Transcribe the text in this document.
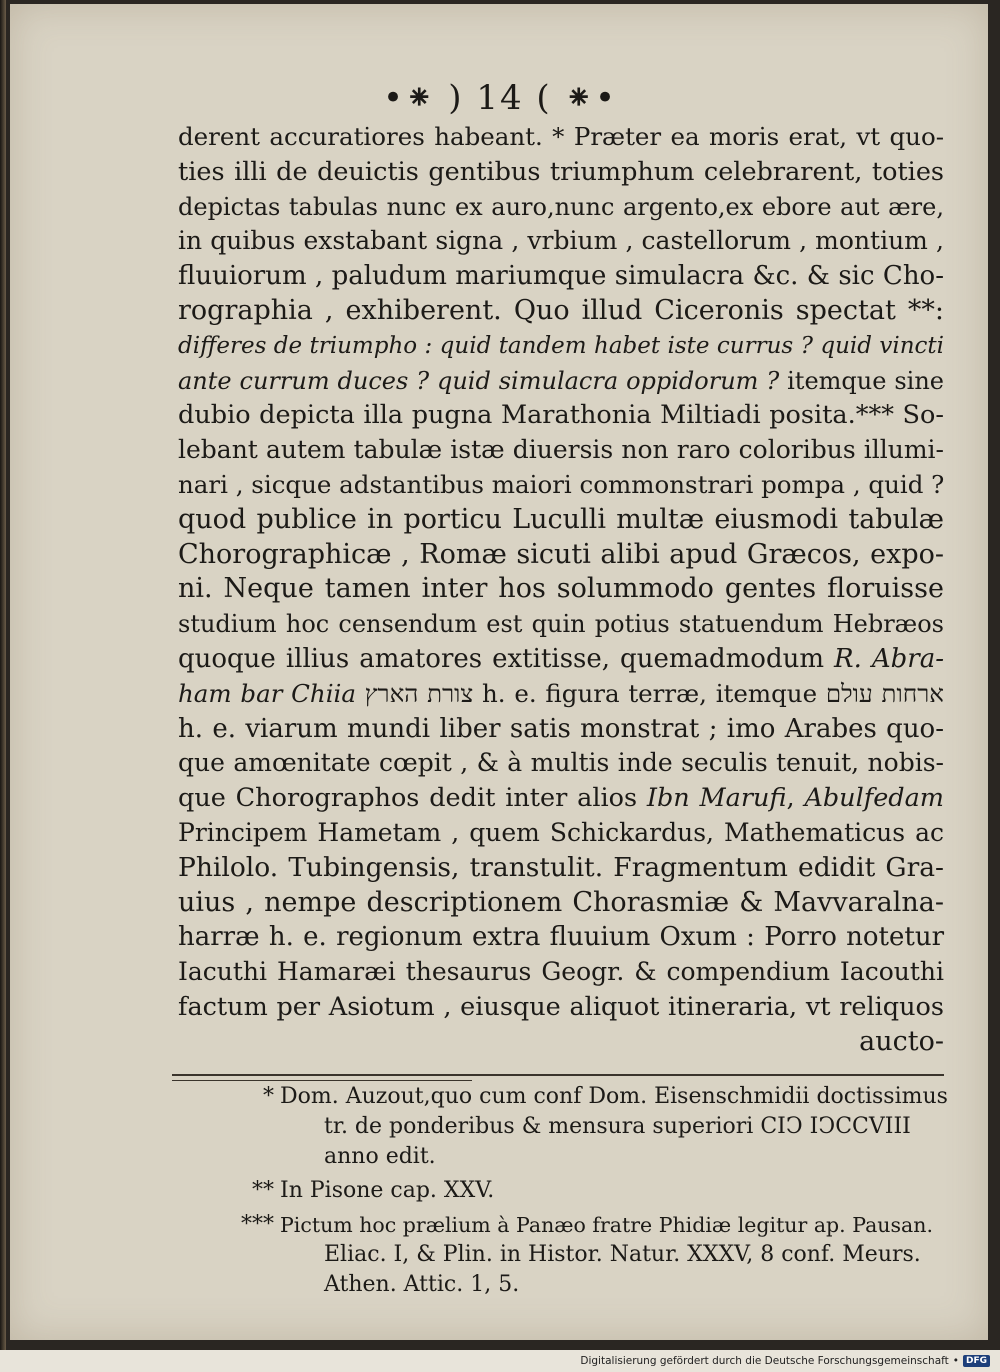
•⁕ ) 14 ( ⁕•
derent accuratiores habeant. * Præter ea moris erat, vt quo-
ties illi de deuictis gentibus triumphum celebrarent, toties
depictas tabulas nunc ex auro,nunc argento,ex ebore aut ære,
in quibus exstabant signa , vrbium , castellorum , montium ,
fluuiorum , paludum mariumque simulacra &c. & sic Cho-
rographia , exhiberent. Quo illud Ciceronis spectat **:
differes de triumpho : quid tandem habet iste currus ? quid vincti
ante currum duces ? quid simulacra oppidorum ? itemque sine
dubio depicta illa pugna Marathonia Miltiadi posita.*** So-
lebant autem tabulæ istæ diuersis non raro coloribus illumi-
nari , sicque adstantibus maiori commonstrari pompa , quid ?
quod publice in porticu Luculli multæ eiusmodi tabulæ
Chorographicæ , Romæ sicuti alibi apud Græcos, expo-
ni. Neque tamen inter hos solummodo gentes floruisse
studium hoc censendum est quin potius statuendum Hebræos
quoque illius amatores extitisse, quemadmodum R. Abra-
ham bar Chiia צורת הארץ h. e. figura terræ, itemque ארחות עולם
h. e. viarum mundi liber satis monstrat ; imo Arabes quo-
que amœnitate cœpit , & à multis inde seculis tenuit, nobis-
que Chorographos dedit inter alios Ibn Marufi, Abulfedam
Principem Hametam , quem Schickardus, Mathematicus ac
Philolo. Tubingensis, transtulit. Fragmentum edidit Gra-
uius , nempe descriptionem Chorasmiæ & Mavvaralna-
harræ h. e. regionum extra fluuium Oxum : Porro notetur
Iacuthi Hamaræi thesaurus Geogr. & compendium Iacouthi
factum per Asiotum , eiusque aliquot itineraria, vt reliquos
aucto-
* Dom. Auzout,quo cum conf Dom. Eisenschmidii doctissimus
tr. de ponderibus & mensura superiori CIↃ IↃCCVIII
anno edit.
** In Pisone cap. XXV.
*** Pictum hoc prælium à Panæo fratre Phidiæ legitur ap. Pausan.
Eliac. I, & Plin. in Histor. Natur. XXXV, 8 conf. Meurs.
Athen. Attic. 1, 5.
Digitalisierung gefördert durch die Deutsche Forschungsgemeinschaft • DFG
